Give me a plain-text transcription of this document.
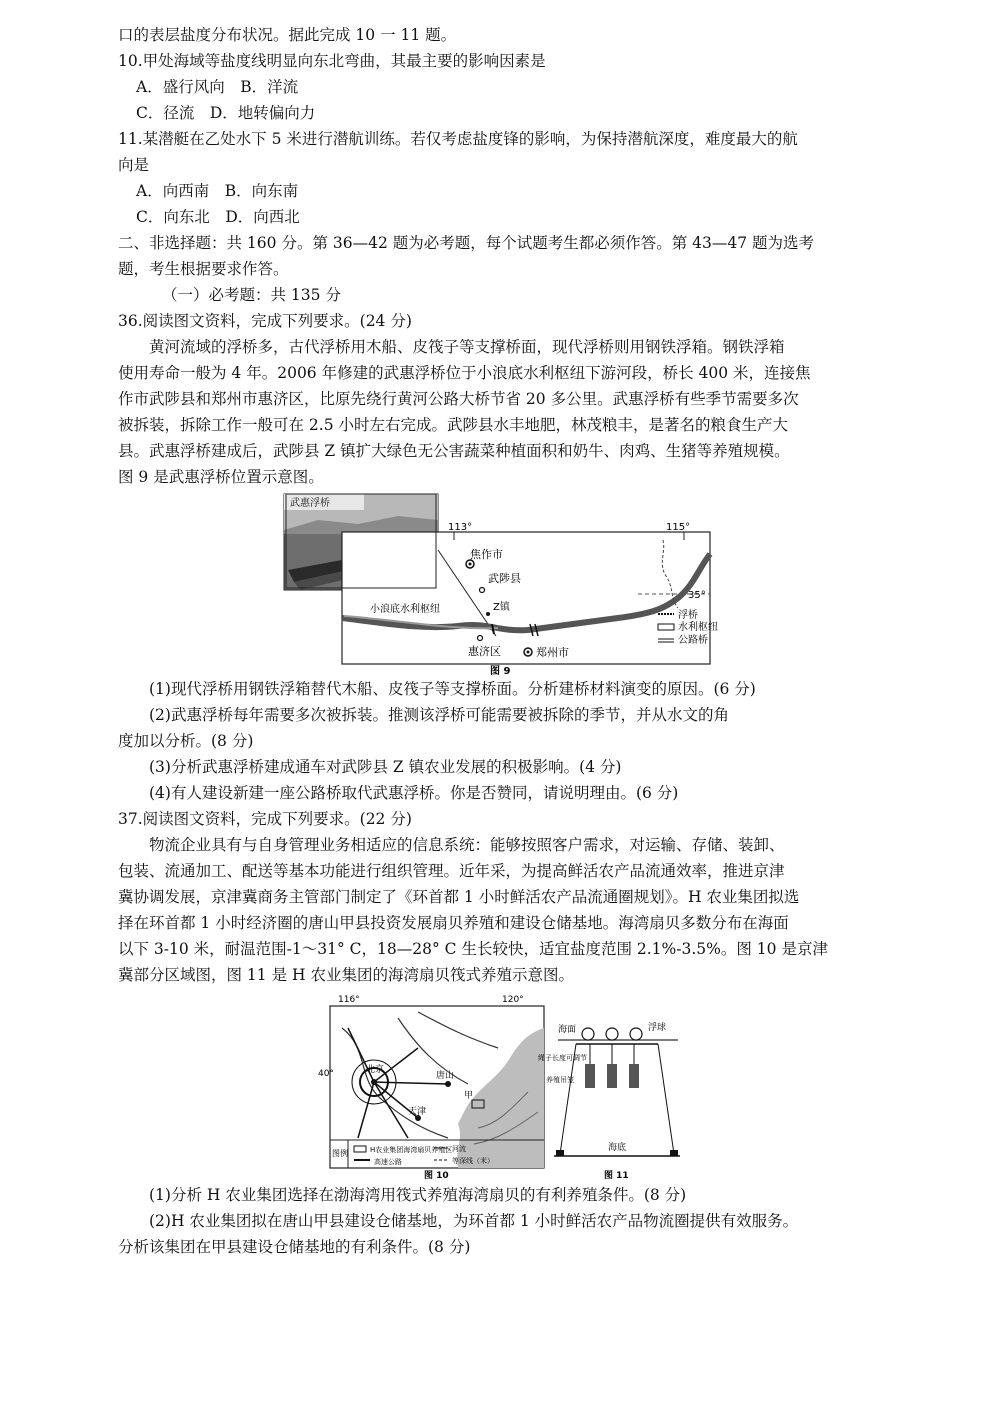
口的表层盐度分布状况。据此完成 10 一 11 题。
10.甲处海域等盐度线明显向东北弯曲，其最主要的影响因素是
A．盛行风向　B．洋流
C．径流　D．地转偏向力
11.某潜艇在乙处水下 5 米进行潜航训练。若仅考虑盐度锋的影响，为保持潜航深度，难度最大的航
向是
A．向西南　B．向东南
C．向东北　D．向西北
二、非选择题：共 160 分。第 36—42 题为必考题，每个试题考生都必须作答。第 43—47 题为选考
题，考生根据要求作答。
（一）必考题：共 135 分
36.阅读图文资料，完成下列要求。(24 分)
黄河流域的浮桥多，古代浮桥用木船、皮筏子等支撑桥面，现代浮桥则用钢铁浮箱。钢铁浮箱
使用寿命一般为 4 年。2006 年修建的武惠浮桥位于小浪底水利枢纽下游河段，桥长 400 米，连接焦
作市武陟县和郑州市惠济区，比原先绕行黄河公路大桥节省 20 多公里。武惠浮桥有些季节需要多次
被拆装，拆除工作一般可在 2.5 小时左右完成。武陟县水丰地肥，林茂粮丰，是著名的粮食生产大
县。武惠浮桥建成后，武陟县 Z 镇扩大绿色无公害蔬菜种植面积和奶牛、肉鸡、生猪等养殖规模。
图 9 是武惠浮桥位置示意图。
武惠浮桥
浮桥
水利枢纽
公路桥
113°	115°
35°
焦作市
武陟县
Z镇
小浪底水利枢纽
惠济区	郑州市
图 9
(1)现代浮桥用钢铁浮箱替代木船、皮筏子等支撑桥面。分析建桥材料演变的原因。(6 分)
(2)武惠浮桥每年需要多次被拆装。推测该浮桥可能需要被拆除的季节，并从水文的角
度加以分析。(8 分)
(3)分析武惠浮桥建成通车对武陟县 Z 镇农业发展的积极影响。(4 分)
(4)有人建设新建一座公路桥取代武惠浮桥。你是否赞同，请说明理由。(6 分)
37.阅读图文资料，完成下列要求。(22 分)
物流企业具有与自身管理业务相适应的信息系统：能够按照客户需求，对运输、存储、装卸、
包装、流通加工、配送等基本功能进行组织管理。近年采，为提高鲜活农产品流通效率，推进京津
冀协调发展，京津冀商务主管部门制定了《环首都 1 小时鲜活农产品流通圈规划》。H 农业集团拟选
择在环首都 1 小时经济圈的唐山甲县投资发展扇贝养殖和建设仓储基地。海湾扇贝多数分布在海面
以下 3-10 米，耐温范围-1～31° C，18—28° C 生长较快，适宜盐度范围 2.1%-3.5%。图 10 是京津
冀部分区域图，图 11 是 H 农业集团的海湾扇贝筏式养殖示意图。
116°	120°
40°	北京
唐山
甲
天津
图例	H农业集团海湾扇贝养殖区
高速公路
河流
等深线（米）
图 10
海面	浮球
绳子长度可调节
养殖吊笼
海底
图 11
(1)分析 H 农业集团选择在渤海湾用筏式养殖海湾扇贝的有利养殖条件。(8 分)
(2)H 农业集团拟在唐山甲县建设仓储基地，为环首都 1 小时鲜活农产品物流圈提供有效服务。
分析该集团在甲县建设仓储基地的有利条件。(8 分)
